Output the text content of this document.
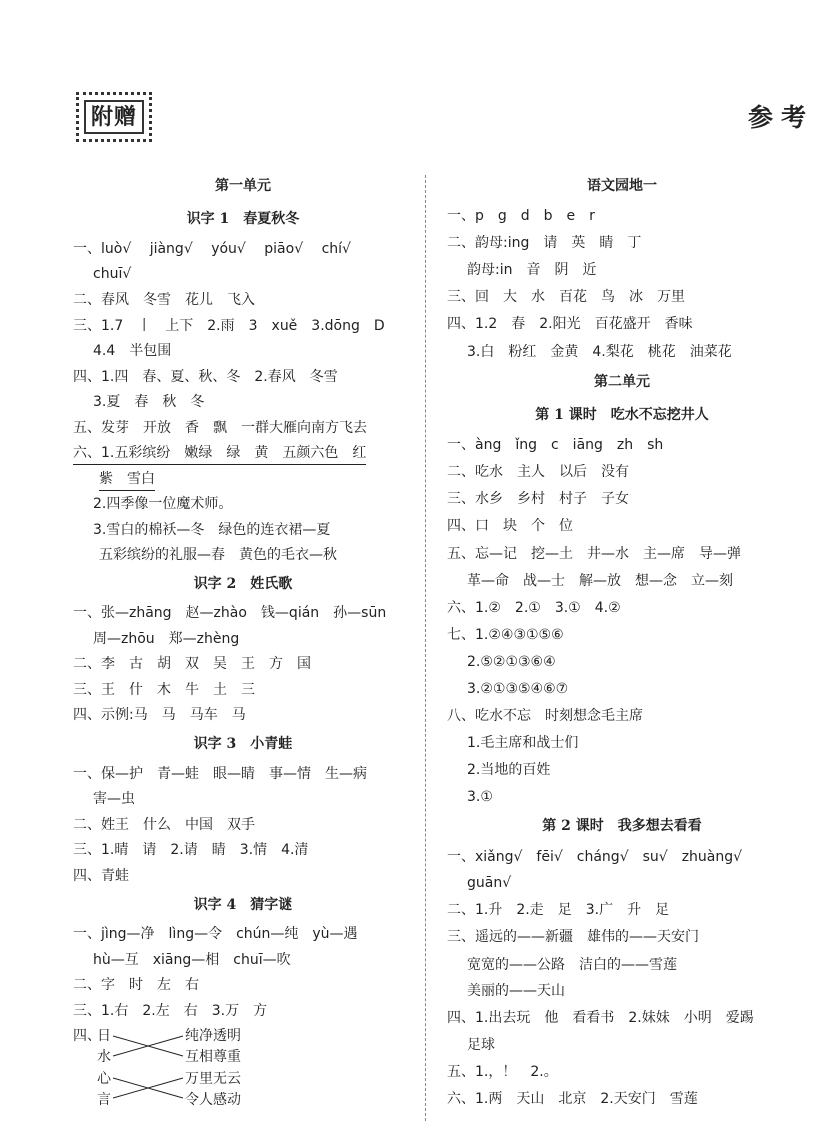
附赠	参考
第一单元
识字 1　春夏秋冬
一、luò√　 jiàng√　 yóu√　 piāo√　 chí√
chuī√
二、春风　冬雪　花儿　飞入
三、1.7　丨　上下　2.雨　3　xuě　3.dōng　D
4.4　半包围
四、1.四　春、夏、秋、冬　2.春风　冬雪
3.夏　春　秋　冬
五、发芽　开放　香　飘　一群大雁向南方飞去
六、1.五彩缤纷　嫩绿　绿　黄　五颜六色　红
紫　雪白
2.四季像一位魔术师。
3.雪白的棉袄—冬　绿色的连衣裙—夏
五彩缤纷的礼服—春　黄色的毛衣—秋
识字 2　姓氏歌
一、张—zhāng　赵—zhào　钱—qián　孙—sūn
周—zhōu　郑—zhèng
二、李　古　胡　双　吴　王　方　国
三、王　什　木　牛　土　三
四、示例:马　马　马车　马
识字 3　小青蛙
一、保—护　青—蛙　眼—睛　事—情　生—病
害—虫
二、姓王　什么　中国　双手
三、1.晴　请　2.请　睛　3.情　4.清
四、青蛙
识字 4　猜字谜
一、jìng—净　lìng—令　chún—纯　yù—遇
hù—互　xiāng—相　chuī—吹
二、字　时　左　右
三、1.右　2.左　右　3.万　方
四、
日
水
心
言
纯净透明
互相尊重
万里无云
令人感动
语文园地一
一、p　g　d　b　e　r
二、韵母:ing　请　英　睛　丁
韵母:in　音　阴　近
三、回　大　水　百花　鸟　冰　万里
四、1.2　春　2.阳光　百花盛开　香味
3.白　粉红　金黄　4.梨花　桃花　油菜花
第二单元
第 1 课时　吃水不忘挖井人
一、àng　ǐng　c　iāng　zh　sh
二、吃水　主人　以后　没有
三、水乡　乡村　村子　子女
四、口　块　个　位
五、忘—记　挖—土　井—水　主—席　导—弹
革—命　战—士　解—放　想—念　立—刻
六、1.②　2.①　3.①　4.②
七、1.②④③①⑤⑥
2.⑤②①③⑥④
3.②①③⑤④⑥⑦
八、吃水不忘　时刻想念毛主席
1.毛主席和战士们
2.当地的百姓
3.①
第 2 课时　我多想去看看
一、xiǎng√　fēi√　cháng√　su√　zhuàng√
guān√
二、1.升　2.走　足　3.广　升　足
三、遥远的——新疆　雄伟的——天安门
宽宽的——公路　洁白的——雪莲
美丽的——天山
四、1.出去玩　他　看看书　2.妹妹　小明　爱踢
足球
五、1.，！　2.。
六、1.两　天山　北京　2.天安门　雪莲
